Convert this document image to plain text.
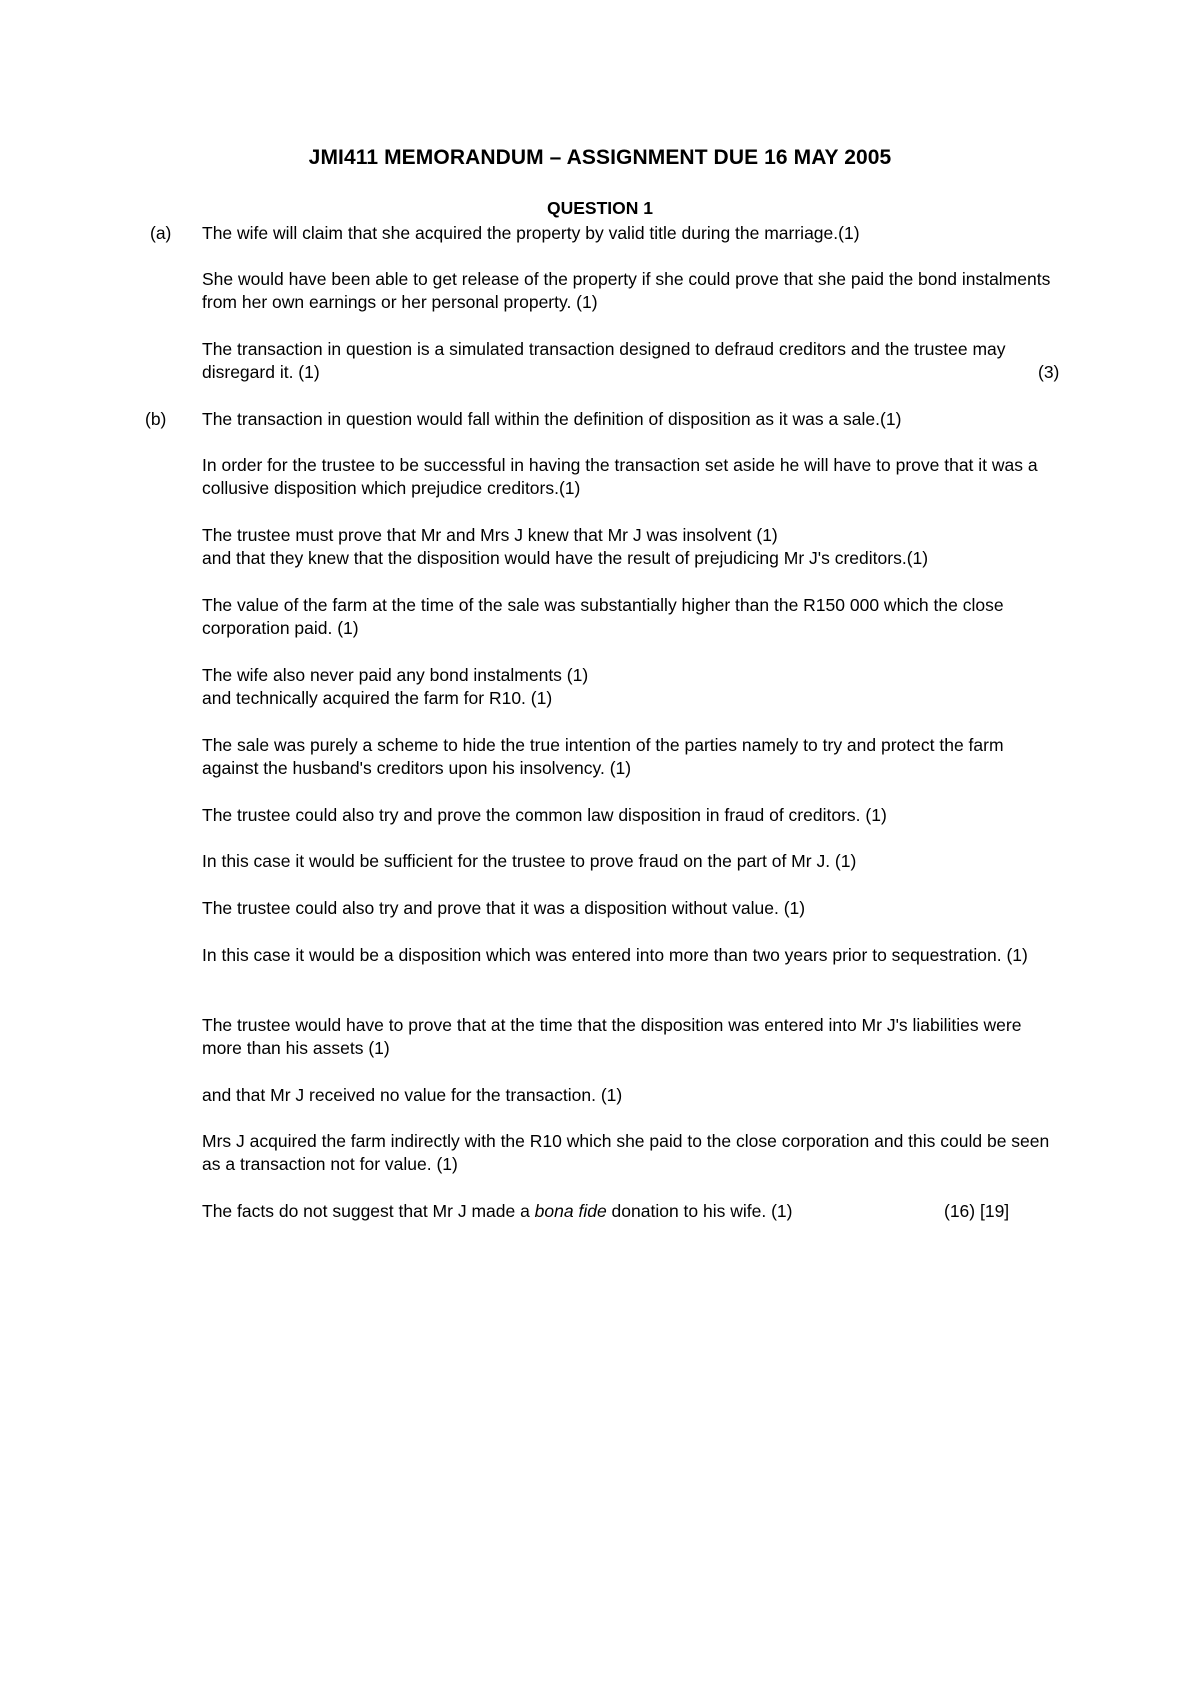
JMI411 MEMORANDUM – ASSIGNMENT DUE 16 MAY 2005
QUESTION 1
(a) The wife will claim that she acquired the property by valid title during the marriage.(1)
She would have been able to get release of the property if she could prove that she paid the bond instalments from her own earnings or her personal property. (1)
The transaction in question is a simulated transaction designed to defraud creditors and the trustee may disregard it. (1)	(3)
(b) The transaction in question would fall within the definition of disposition as it was a sale.(1)
In order for the trustee to be successful in having the transaction set aside he will have to prove that it was a collusive disposition which prejudice creditors.(1)
The trustee must prove that Mr and Mrs J knew that Mr J was insolvent (1)
and that they knew that the disposition would have the result of prejudicing Mr J's creditors.(1)
The value of the farm at the time of the sale was substantially higher than the R150 000 which the close corporation paid. (1)
The wife also never paid any bond instalments (1)
and technically acquired the farm for R10. (1)
The sale was purely a scheme to hide the true intention of the parties namely to try and protect the farm against the husband's creditors upon his insolvency. (1)
The trustee could also try and prove the common law disposition in fraud of creditors. (1)
In this case it would be sufficient for the trustee to prove fraud on the part of Mr J. (1)
The trustee could also try and prove that it was a disposition without value. (1)
In this case it would be a disposition which was entered into more than two years prior to sequestration. (1)
The trustee would have to prove that at the time that the disposition was entered into Mr J's liabilities were more than his assets (1)
and that Mr J received no value for the transaction. (1)
Mrs J acquired the farm indirectly with the R10 which she paid to the close corporation and this could be seen as a transaction not for value. (1)
The facts do not suggest that Mr J made a bona fide donation to his wife. (1)	(16) [19]
